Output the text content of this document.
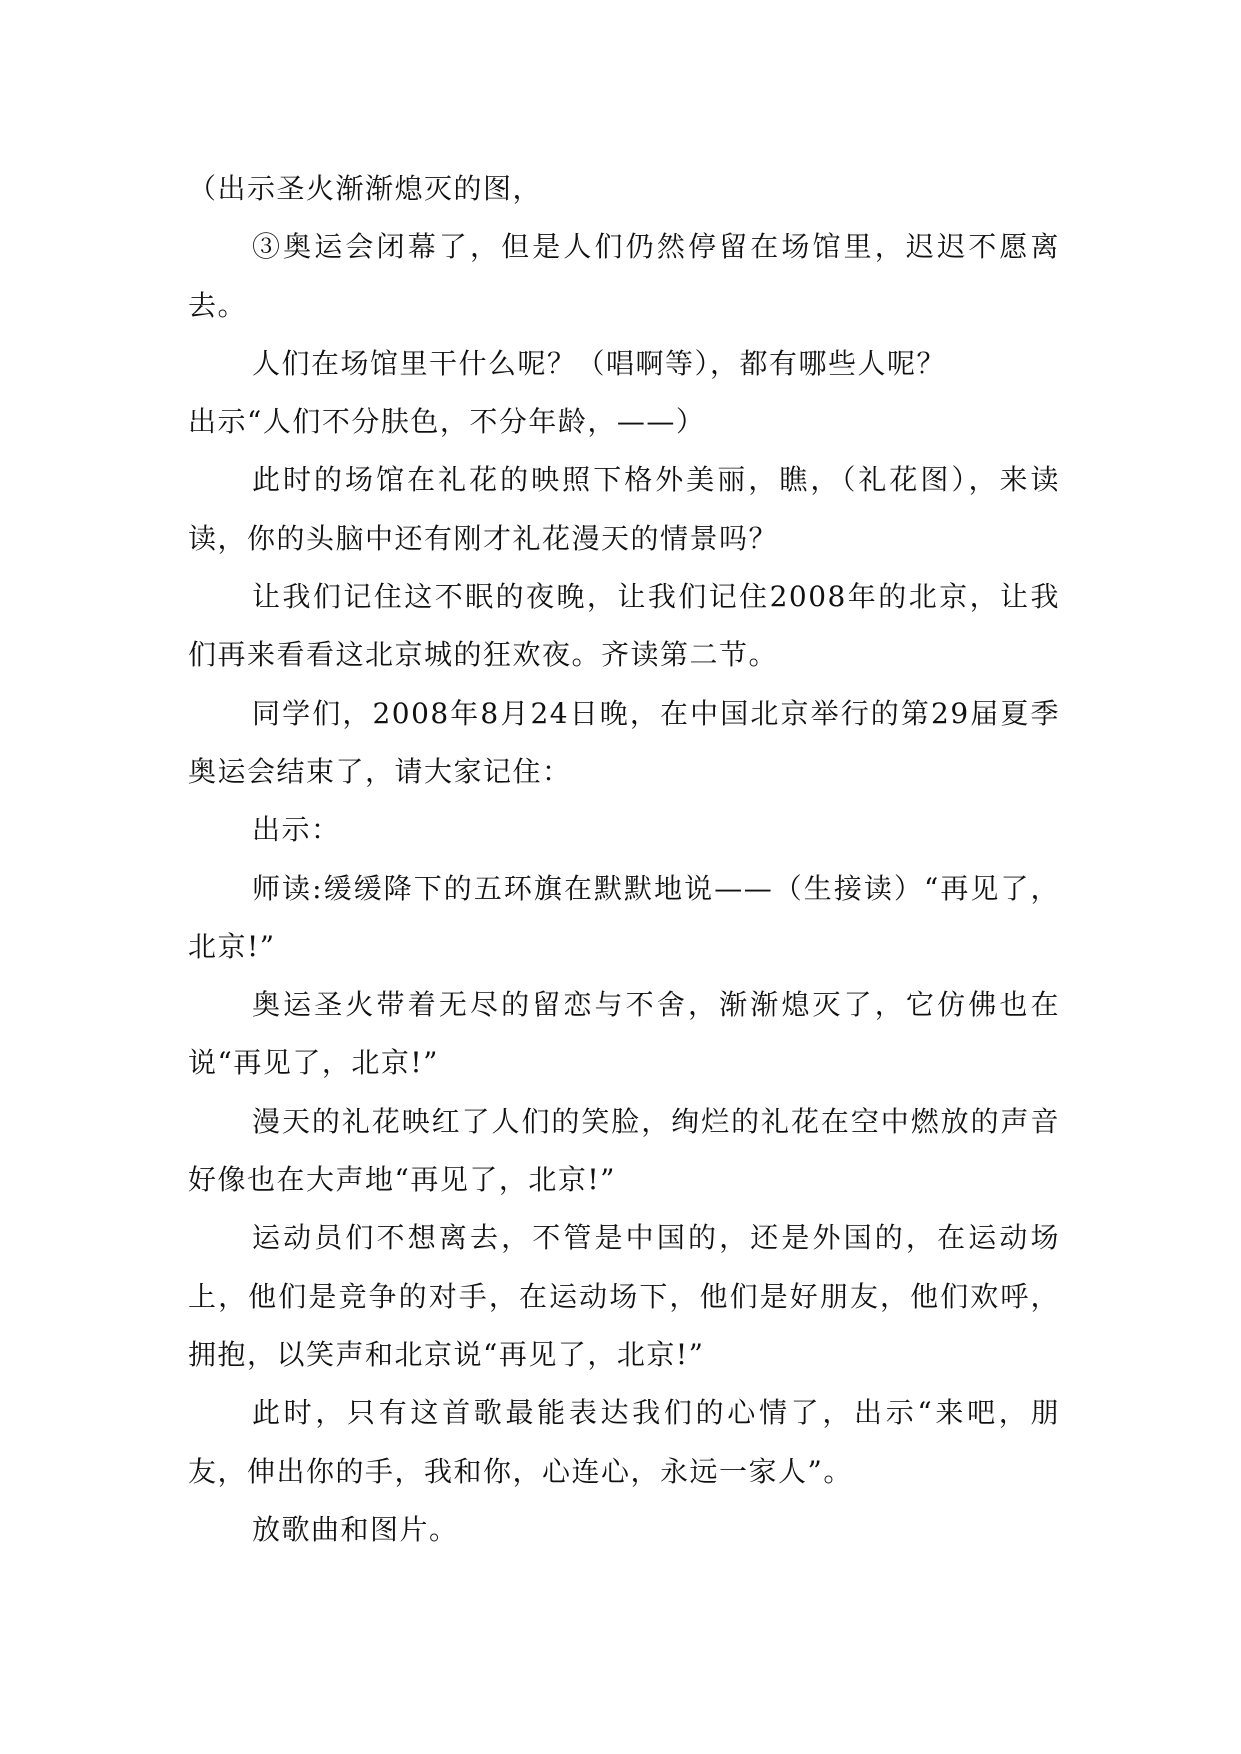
（出示圣火渐渐熄灭的图，

③奥运会闭幕了，但是人们仍然停留在场馆里，迟迟不愿离去。

人们在场馆里干什么呢？（唱啊等），都有哪些人呢？

出示“人们不分肤色，不分年龄，——）

此时的场馆在礼花的映照下格外美丽，瞧，（礼花图），来读读，你的头脑中还有刚才礼花漫天的情景吗？

让我们记住这不眠的夜晚，让我们记住2008年的北京，让我们再来看看这北京城的狂欢夜。齐读第二节。

同学们，2008年8月24日晚，在中国北京举行的第29届夏季奥运会结束了，请大家记住：

出示：

师读:缓缓降下的五环旗在默默地说——（生接读）“再见了，北京!”

奥运圣火带着无尽的留恋与不舍，渐渐熄灭了，它仿佛也在说“再见了，北京!”

漫天的礼花映红了人们的笑脸，绚烂的礼花在空中燃放的声音好像也在大声地“再见了，北京!”

运动员们不想离去，不管是中国的，还是外国的，在运动场上，他们是竞争的对手，在运动场下，他们是好朋友，他们欢呼，拥抱，以笑声和北京说“再见了，北京!”

此时，只有这首歌最能表达我们的心情了，出示“来吧，朋友，伸出你的手，我和你，心连心，永远一家人”。

放歌曲和图片。
